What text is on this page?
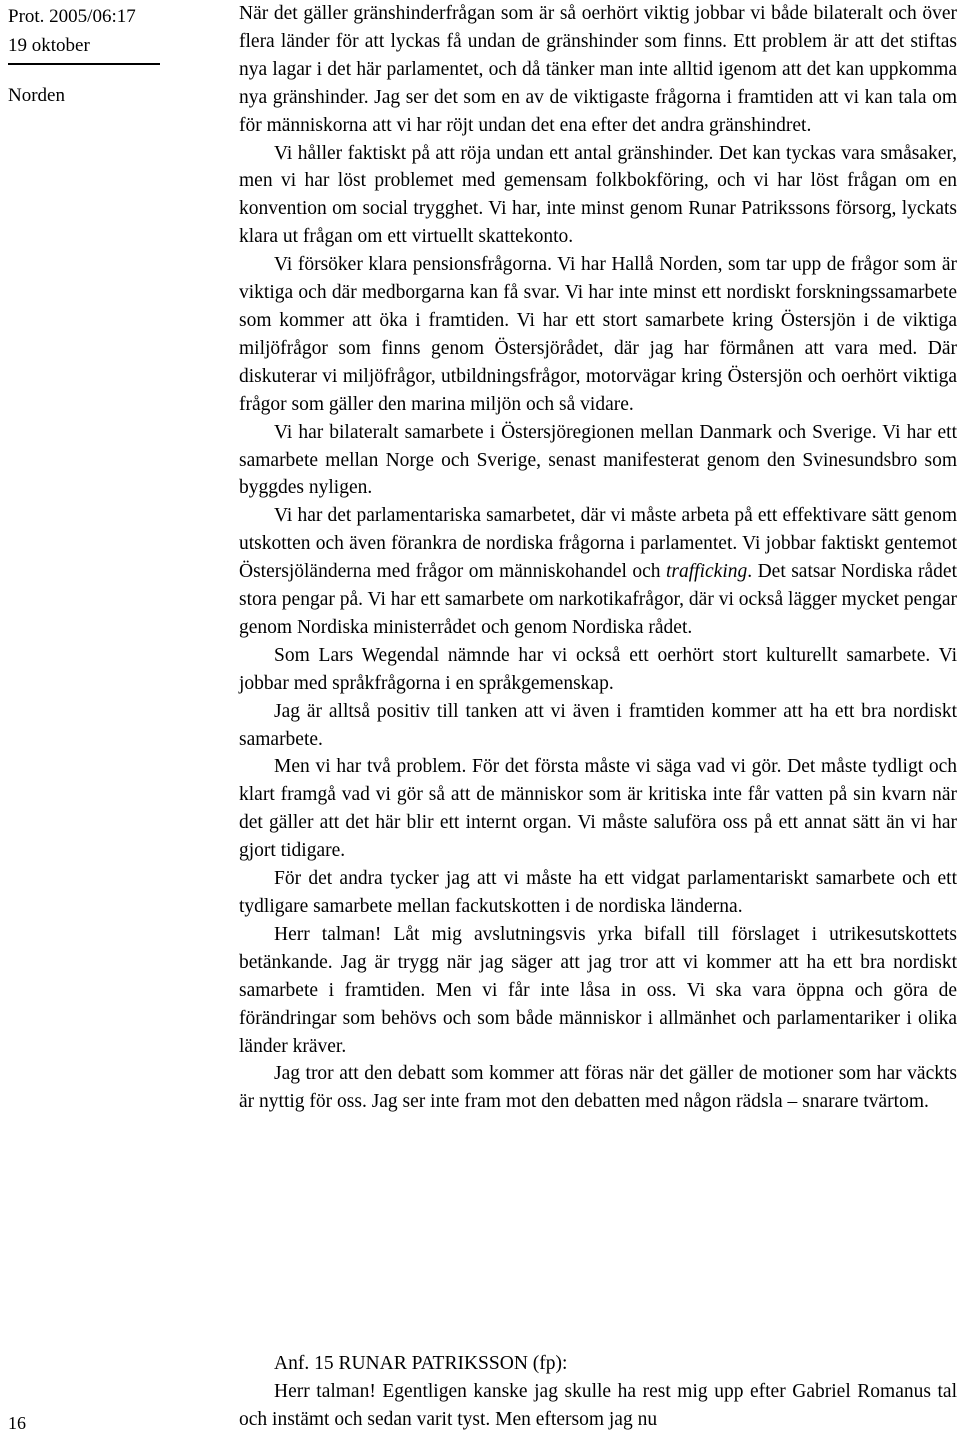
Prot. 2005/06:17
19 oktober
Norden

När det gäller gränshinderfrågan som är så oerhört viktig jobbar vi både bilateralt och över flera länder för att lyckas få undan de gränshinder som finns. Ett problem är att det stiftas nya lagar i det här parlamentet, och då tänker man inte alltid igenom att det kan uppkomma nya gränshinder. Jag ser det som en av de viktigaste frågorna i framtiden att vi kan tala om för människorna att vi har röjt undan det ena efter det andra gränshindret.

Vi håller faktiskt på att röja undan ett antal gränshinder. Det kan tyckas vara småsaker, men vi har löst problemet med gemensam folkbokföring, och vi har löst frågan om en konvention om social trygghet. Vi har, inte minst genom Runar Patrikssons försorg, lyckats klara ut frågan om ett virtuellt skattekonto.

Vi försöker klara pensionsfrågorna. Vi har Hallå Norden, som tar upp de frågor som är viktiga och där medborgarna kan få svar. Vi har inte minst ett nordiskt forskningssamarbete som kommer att öka i framtiden. Vi har ett stort samarbete kring Östersjön i de viktiga miljöfrågor som finns genom Östersjörådet, där jag har förmånen att vara med. Där diskuterar vi miljöfrågor, utbildningsfrågor, motorvägar kring Östersjön och oerhört viktiga frågor som gäller den marina miljön och så vidare.

Vi har bilateralt samarbete i Östersjöregionen mellan Danmark och Sverige. Vi har ett samarbete mellan Norge och Sverige, senast manifesterat genom den Svinesundsbro som byggdes nyligen.

Vi har det parlamentariska samarbetet, där vi måste arbeta på ett effektivare sätt genom utskotten och även förankra de nordiska frågorna i parlamentet. Vi jobbar faktiskt gentemot Östersjöländerna med frågor om människohandel och trafficking. Det satsar Nordiska rådet stora pengar på. Vi har ett samarbete om narkotikafrågor, där vi också lägger mycket pengar genom Nordiska ministerrådet och genom Nordiska rådet.

Som Lars Wegendal nämnde har vi också ett oerhört stort kulturellt samarbete. Vi jobbar med språkfrågorna i en språkgemenskap.

Jag är alltså positiv till tanken att vi även i framtiden kommer att ha ett bra nordiskt samarbete.

Men vi har två problem. För det första måste vi säga vad vi gör. Det måste tydligt och klart framgå vad vi gör så att de människor som är kritiska inte får vatten på sin kvarn när det gäller att det här blir ett internt organ. Vi måste saluföra oss på ett annat sätt än vi har gjort tidigare.

För det andra tycker jag att vi måste ha ett vidgat parlamentariskt samarbete och ett tydligare samarbete mellan fackutskotten i de nordiska länderna.

Herr talman! Låt mig avslutningsvis yrka bifall till förslaget i utrikesutskottets betänkande. Jag är trygg när jag säger att jag tror att vi kommer att ha ett bra nordiskt samarbete i framtiden. Men vi får inte låsa in oss. Vi ska vara öppna och göra de förändringar som behövs och som både människor i allmänhet och parlamentariker i olika länder kräver.

Jag tror att den debatt som kommer att föras när det gäller de motioner som har väckts är nyttig för oss. Jag ser inte fram mot den debatten med någon rädsla – snarare tvärtom.

Anf. 15 RUNAR PATRIKSSON (fp):

Herr talman! Egentligen kanske jag skulle ha rest mig upp efter Gabriel Romanus tal och instämt och sedan varit tyst. Men eftersom jag nu

16
